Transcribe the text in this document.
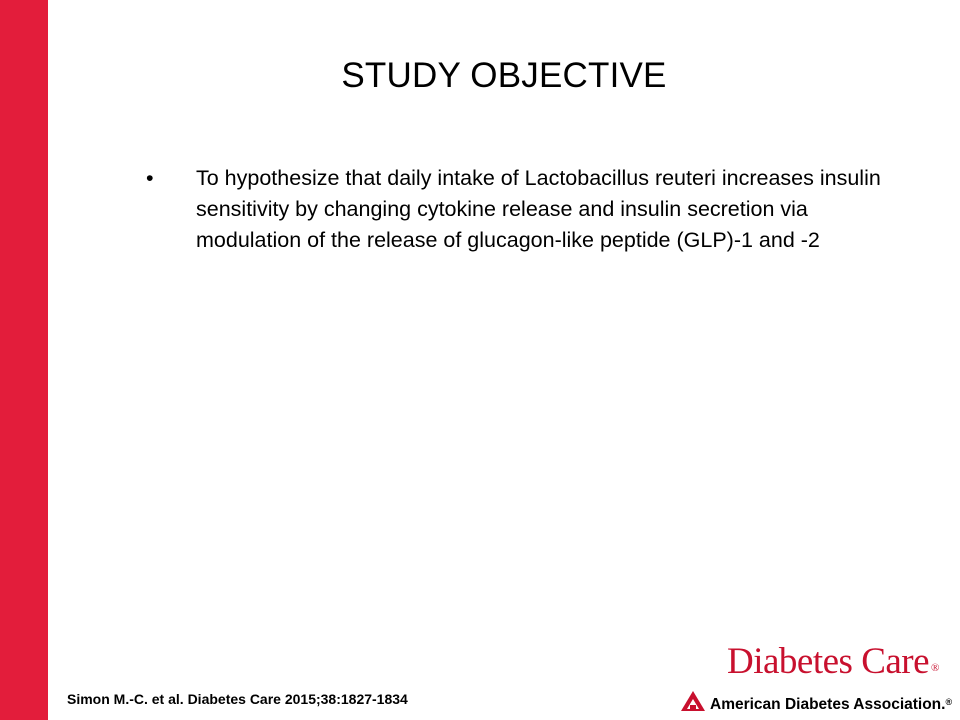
STUDY OBJECTIVE
• To hypothesize that daily intake of Lactobacillus reuteri increases insulin sensitivity by changing cytokine release and insulin secretion via modulation of the release of glucagon-like peptide (GLP)-1 and -2
Simon M.-C. et al. Diabetes Care 2015;38:1827-1834
Diabetes Care ®
American Diabetes Association.®
